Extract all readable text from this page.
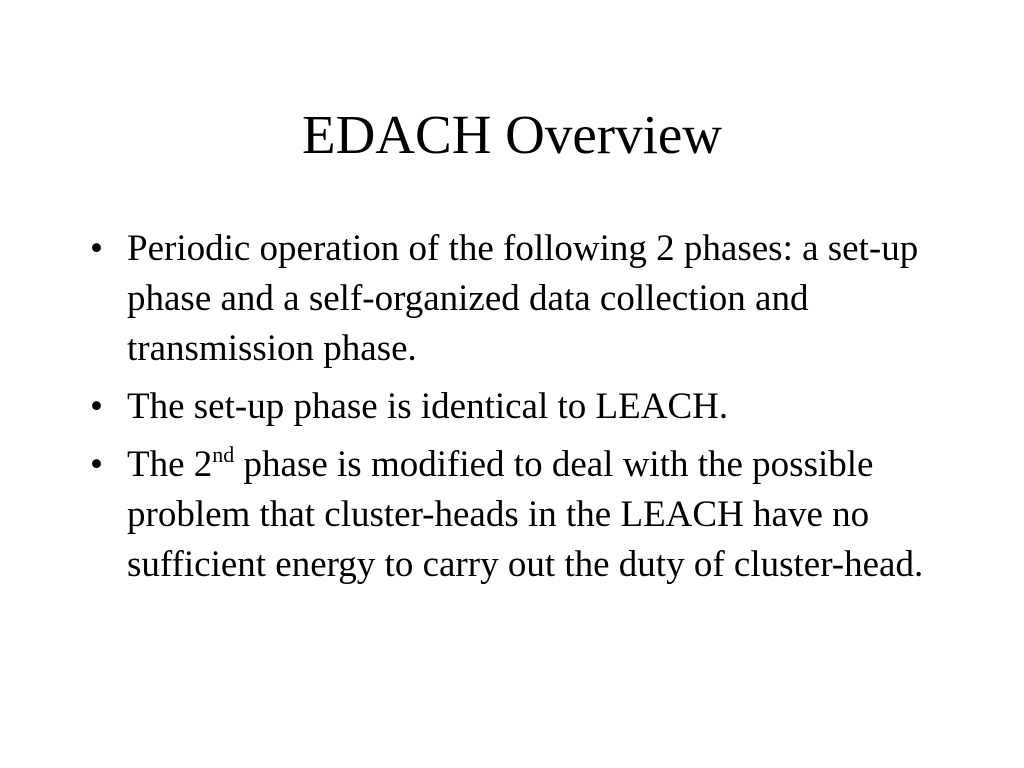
EDACH Overview
• Periodic operation of the following 2 phases: a set-up phase and a self-organized data collection and transmission phase.
• The set-up phase is identical to LEACH.
• The 2nd phase is modified to deal with the possible problem that cluster-heads in the LEACH have no sufficient energy to carry out the duty of cluster-head.
